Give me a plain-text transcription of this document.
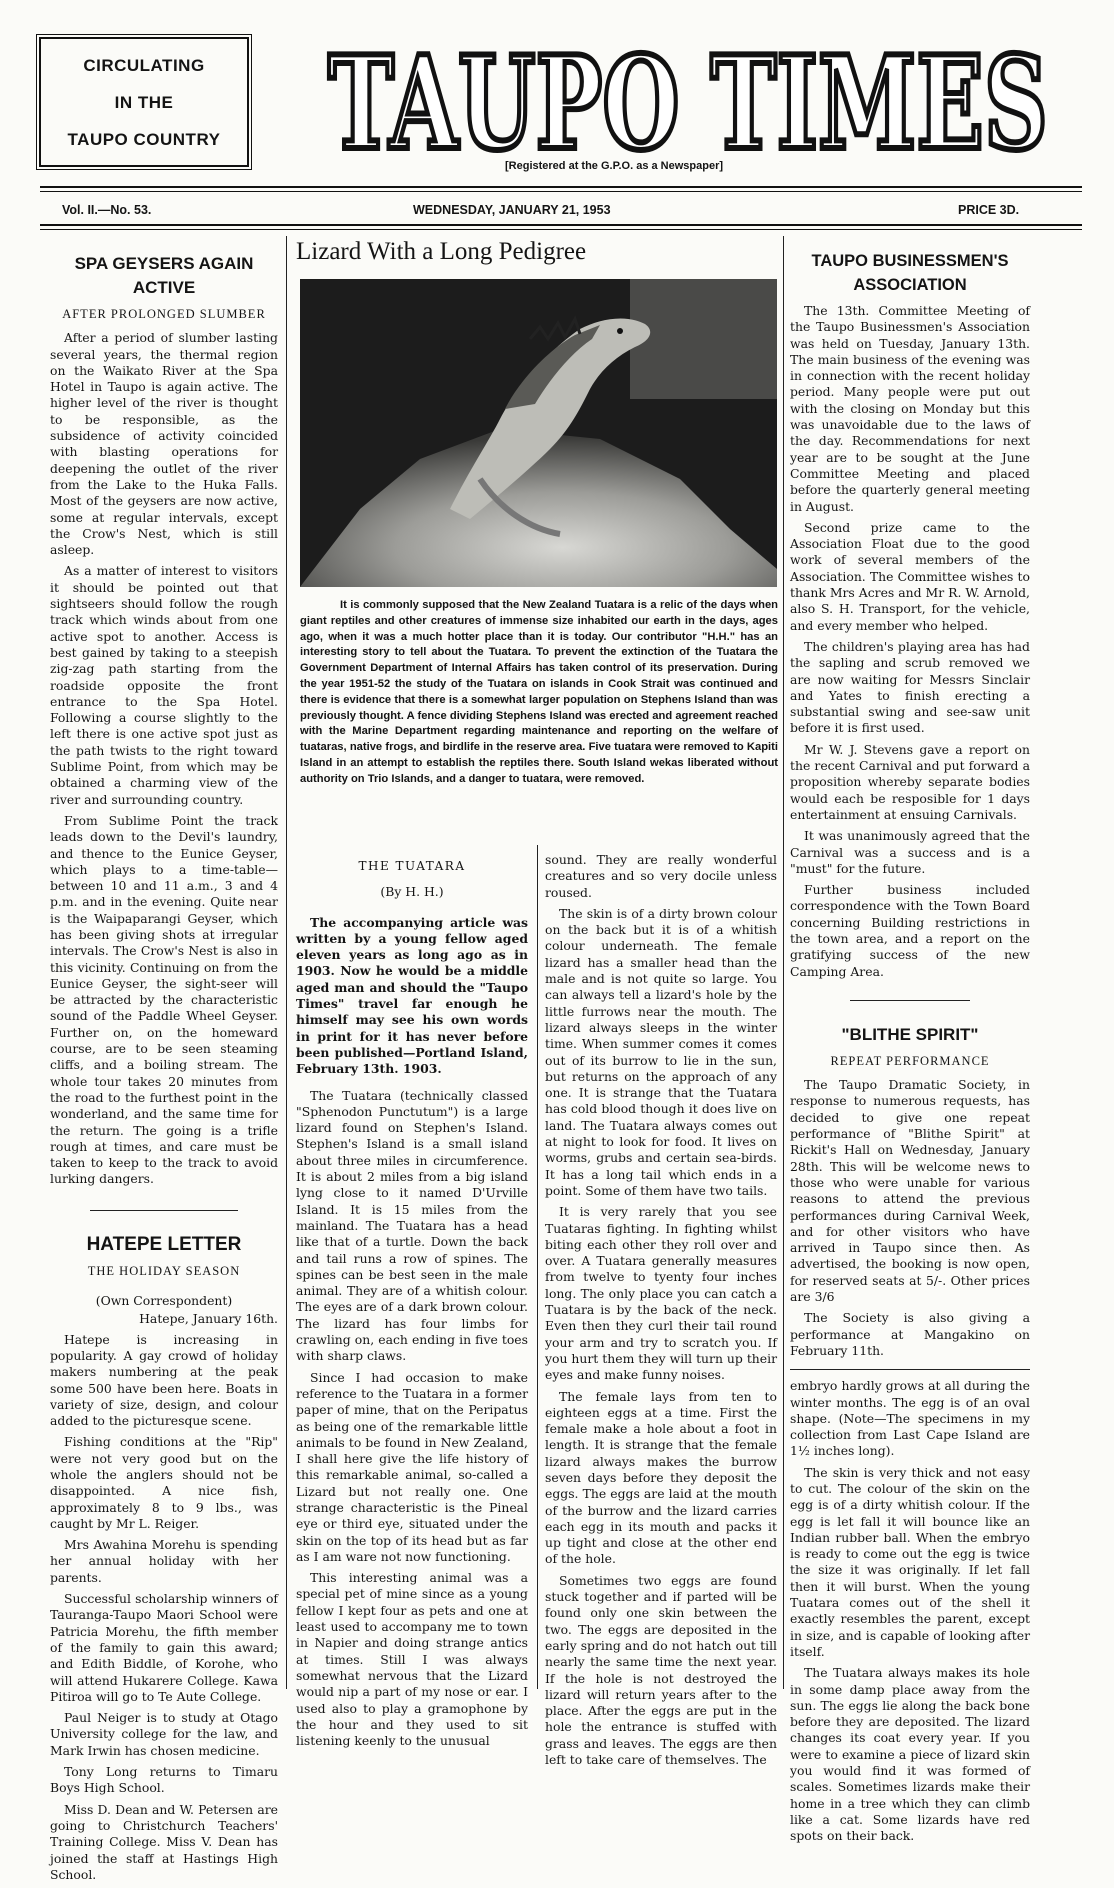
CIRCULATING
IN THE
TAUPO COUNTRY TAUPO TIMES
[Registered at the G.P.O. as a Newspaper]
Vol. II.—No. 53.	WEDNESDAY, JANUARY 21, 1953	PRICE 3D.
SPA GEYSERS AGAIN ACTIVE
AFTER PROLONGED SLUMBER

After a period of slumber lasting several years, the thermal region on the Waikato River at the Spa Hotel in Taupo is again active. The higher level of the river is thought to be responsible, as the subsidence of activity coincided with blasting operations for deepening the outlet of the river from the Lake to the Huka Falls. Most of the geysers are now active, some at regular intervals, except the Crow's Nest, which is still asleep.

As a matter of interest to visitors it should be pointed out that sightseers should follow the rough track which winds about from one active spot to another. Access is best gained by taking to a steepish zig-zag path starting from the roadside opposite the front entrance to the Spa Hotel. Following a course slightly to the left there is one active spot just as the path twists to the right toward Sublime Point, from which may be obtained a charming view of the river and surrounding country.

From Sublime Point the track leads down to the Devil's laundry, and thence to the Eunice Geyser, which plays to a time-table—between 10 and 11 a.m., 3 and 4 p.m. and in the evening. Quite near is the Waipaparangi Geyser, which has been giving shots at irregular intervals. The Crow's Nest is also in this vicinity. Continuing on from the Eunice Geyser, the sight-seer will be attracted by the characteristic sound of the Paddle Wheel Geyser. Further on, on the homeward course, are to be seen steaming cliffs, and a boiling stream. The whole tour takes 20 minutes from the road to the furthest point in the wonderland, and the same time for the return. The going is a trifle rough at times, and care must be taken to keep to the track to avoid lurking dangers.

HATEPE LETTER
THE HOLIDAY SEASON
(Own Correspondent)
Hatepe, January 16th.

Hatepe is increasing in popularity. A gay crowd of holiday makers numbering at the peak some 500 have been here. Boats in variety of size, design, and colour added to the picturesque scene.

Fishing conditions at the "Rip" were not very good but on the whole the anglers should not be disappointed. A nice fish, approximately 8 to 9 lbs., was caught by Mr L. Reiger.

Mrs Awahina Morehu is spending her annual holiday with her parents.

Successful scholarship winners of Tauranga-Taupo Maori School were Patricia Morehu, the fifth member of the family to gain this award; and Edith Biddle, of Korohe, who will attend Hukarere College. Kawa Pitiroa will go to Te Aute College.

Paul Neiger is to study at Otago University college for the law, and Mark Irwin has chosen medicine.

Tony Long returns to Timaru Boys High School.

Miss D. Dean and W. Petersen are going to Christchurch Teachers' Training College. Miss V. Dean has joined the staff at Hastings High School.

Lizard With a Long Pedigree

It is commonly supposed that the New Zealand Tuatara is a relic of the days when giant reptiles and other creatures of immense size inhabited our earth in the days, ages ago, when it was a much hotter place than it is today. Our contributor "H.H." has an interesting story to tell about the Tuatara. To prevent the extinction of the Tuatara the Government Department of Internal Affairs has taken control of its preservation. During the year 1951-52 the study of the Tuatara on islands in Cook Strait was continued and there is evidence that there is a somewhat larger population on Stephens Island than was previously thought. A fence dividing Stephens Island was erected and agreement reached with the Marine Department regarding maintenance and reporting on the welfare of tuataras, native frogs, and birdlife in the reserve area. Five tuatara were removed to Kapiti Island in an attempt to establish the reptiles there. South Island wekas liberated without authority on Trio Islands, and a danger to tuatara, were removed.

THE TUATARA
(By H. H.)

The accompanying article was written by a young fellow aged eleven years as long ago as in 1903. Now he would be a middle aged man and should the "Taupo Times" travel far enough he himself may see his own words in print for it has never before been published—Portland Island, February 13th. 1903.

The Tuatara (technically classed "Sphenodon Punctutum") is a large lizard found on Stephen's Island. Stephen's Island is a small island about three miles in circumference. It is about 2 miles from a big island lyng close to it named D'Urville Island. It is 15 miles from the mainland. The Tuatara has a head like that of a turtle. Down the back and tail runs a row of spines. The spines can be best seen in the male animal. They are of a whitish colour. The eyes are of a dark brown colour. The lizard has four limbs for crawling on, each ending in five toes with sharp claws.

Since I had occasion to make reference to the Tuatara in a former paper of mine, that on the Peripatus as being one of the remarkable little animals to be found in New Zealand, I shall here give the life history of this remarkable animal, so-called a Lizard but not really one. One strange characteristic is the Pineal eye or third eye, situated under the skin on the top of its head but as far as I am ware not now functioning.

This interesting animal was a special pet of mine since as a young fellow I kept four as pets and one at least used to accompany me to town in Napier and doing strange antics at times. Still I was always somewhat nervous that the Lizard would nip a part of my nose or ear. I used also to play a gramophone by the hour and they used to sit listening keenly to the unusual

sound. They are really wonderful creatures and so very docile unless roused.

The skin is of a dirty brown colour on the back but it is of a whitish colour underneath. The female lizard has a smaller head than the male and is not quite so large. You can always tell a lizard's hole by the little furrows near the mouth. The lizard always sleeps in the winter time. When summer comes it comes out of its burrow to lie in the sun, but returns on the approach of any one. It is strange that the Tuatara has cold blood though it does live on land. The Tuatara always comes out at night to look for food. It lives on worms, grubs and certain sea-birds. It has a long tail which ends in a point. Some of them have two tails.

It is very rarely that you see Tuataras fighting. In fighting whilst biting each other they roll over and over. A Tuatara generally measures from twelve to tyenty four inches long. The only place you can catch a Tuatara is by the back of the neck. Even then they curl their tail round your arm and try to scratch you. If you hurt them they will turn up their eyes and make funny noises.

The female lays from ten to eighteen eggs at a time. First the female make a hole about a foot in length. It is strange that the female lizard always makes the burrow seven days before they deposit the eggs. The eggs are laid at the mouth of the burrow and the lizard carries each egg in its mouth and packs it up tight and close at the other end of the hole.

Sometimes two eggs are found stuck together and if parted will be found only one skin between the two. The eggs are deposited in the early spring and do not hatch out till nearly the same time the next year. If the hole is not destroyed the lizard will return years after to the place. After the eggs are put in the hole the entrance is stuffed with grass and leaves. The eggs are then left to take care of themselves. The

TAUPO BUSINESSMEN'S ASSOCIATION

The 13th. Committee Meeting of the Taupo Businessmen's Association was held on Tuesday, January 13th. The main business of the evening was in connection with the recent holiday period. Many people were put out with the closing on Monday but this was unavoidable due to the laws of the day. Recommendations for next year are to be sought at the June Committee Meeting and placed before the quarterly general meeting in August.

Second prize came to the Association Float due to the good work of several members of the Association. The Committee wishes to thank Mrs Acres and Mr R. W. Arnold, also S. H. Transport, for the vehicle, and every member who helped.

The children's playing area has had the sapling and scrub removed we are now waiting for Messrs Sinclair and Yates to finish erecting a substantial swing and see-saw unit before it is first used.

Mr W. J. Stevens gave a report on the recent Carnival and put forward a proposition whereby separate bodies would each be resposible for 1 days entertainment at ensuing Carnivals.

It was unanimously agreed that the Carnival was a success and is a "must" for the future.

Further business included correspondence with the Town Board concerning Building restrictions in the town area, and a report on the gratifying success of the new Camping Area.

"BLITHE SPIRIT"
REPEAT PERFORMANCE

The Taupo Dramatic Society, in response to numerous requests, has decided to give one repeat performance of "Blithe Spirit" at Rickit's Hall on Wednesday, January 28th. This will be welcome news to those who were unable for various reasons to attend the previous performances during Carnival Week, and for other visitors who have arrived in Taupo since then. As advertised, the booking is now open, for reserved seats at 5/-. Other prices are 3/6

The Society is also giving a performance at Mangakino on February 11th.

embryo hardly grows at all during the winter months. The egg is of an oval shape. (Note—The specimens in my collection from Last Cape Island are 1½ inches long).

The skin is very thick and not easy to cut. The colour of the skin on the egg is of a dirty whitish colour. If the egg is let fall it will bounce like an Indian rubber ball. When the embryo is ready to come out the egg is twice the size it was originally. If let fall then it will burst. When the young Tuatara comes out of the shell it exactly resembles the parent, except in size, and is capable of looking after itself.

The Tuatara always makes its hole in some damp place away from the sun. The eggs lie along the back bone before they are deposited. The lizard changes its coat every year. If you were to examine a piece of lizard skin you would find it was formed of scales. Sometimes lizards make their home in a tree which they can climb like a cat. Some lizards have red spots on their back.
